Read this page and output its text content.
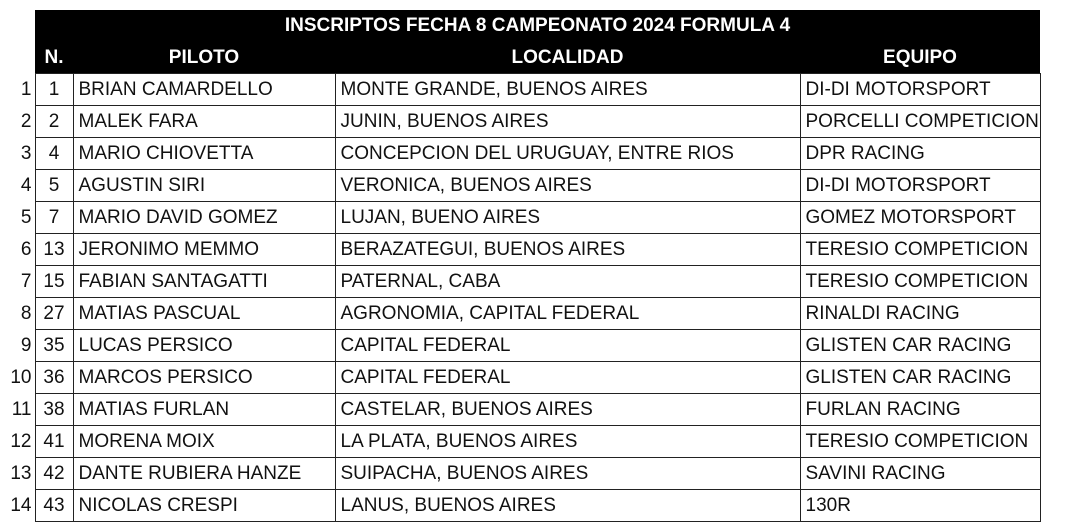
	INSCRIPTOS FECHA 8 CAMPEONATO 2024 FORMULA 4			
	N.	PILOTO	LOCALIDAD	EQUIPO
1	1	BRIAN CAMARDELLO	MONTE GRANDE, BUENOS AIRES	DI-DI MOTORSPORT
2	2	MALEK FARA	JUNIN, BUENOS AIRES	PORCELLI COMPETICION
3	4	MARIO CHIOVETTA	CONCEPCION DEL URUGUAY, ENTRE RIOS	DPR RACING
4	5	AGUSTIN SIRI	VERONICA, BUENOS AIRES	DI-DI MOTORSPORT
5	7	MARIO DAVID GOMEZ	LUJAN, BUENO AIRES	GOMEZ MOTORSPORT
6	13	JERONIMO MEMMO	BERAZATEGUI, BUENOS AIRES	TERESIO COMPETICION
7	15	FABIAN SANTAGATTI	PATERNAL, CABA	TERESIO COMPETICION
8	27	MATIAS PASCUAL	AGRONOMIA, CAPITAL FEDERAL	RINALDI RACING
9	35	LUCAS PERSICO	CAPITAL FEDERAL	GLISTEN CAR RACING
10	36	MARCOS PERSICO	CAPITAL FEDERAL	GLISTEN CAR RACING
11	38	MATIAS FURLAN	CASTELAR, BUENOS AIRES	FURLAN RACING
12	41	MORENA MOIX	LA PLATA, BUENOS AIRES	TERESIO COMPETICION
13	42	DANTE RUBIERA HANZE	SUIPACHA, BUENOS AIRES	SAVINI RACING
14	43	NICOLAS CRESPI	LANUS, BUENOS AIRES	130R
